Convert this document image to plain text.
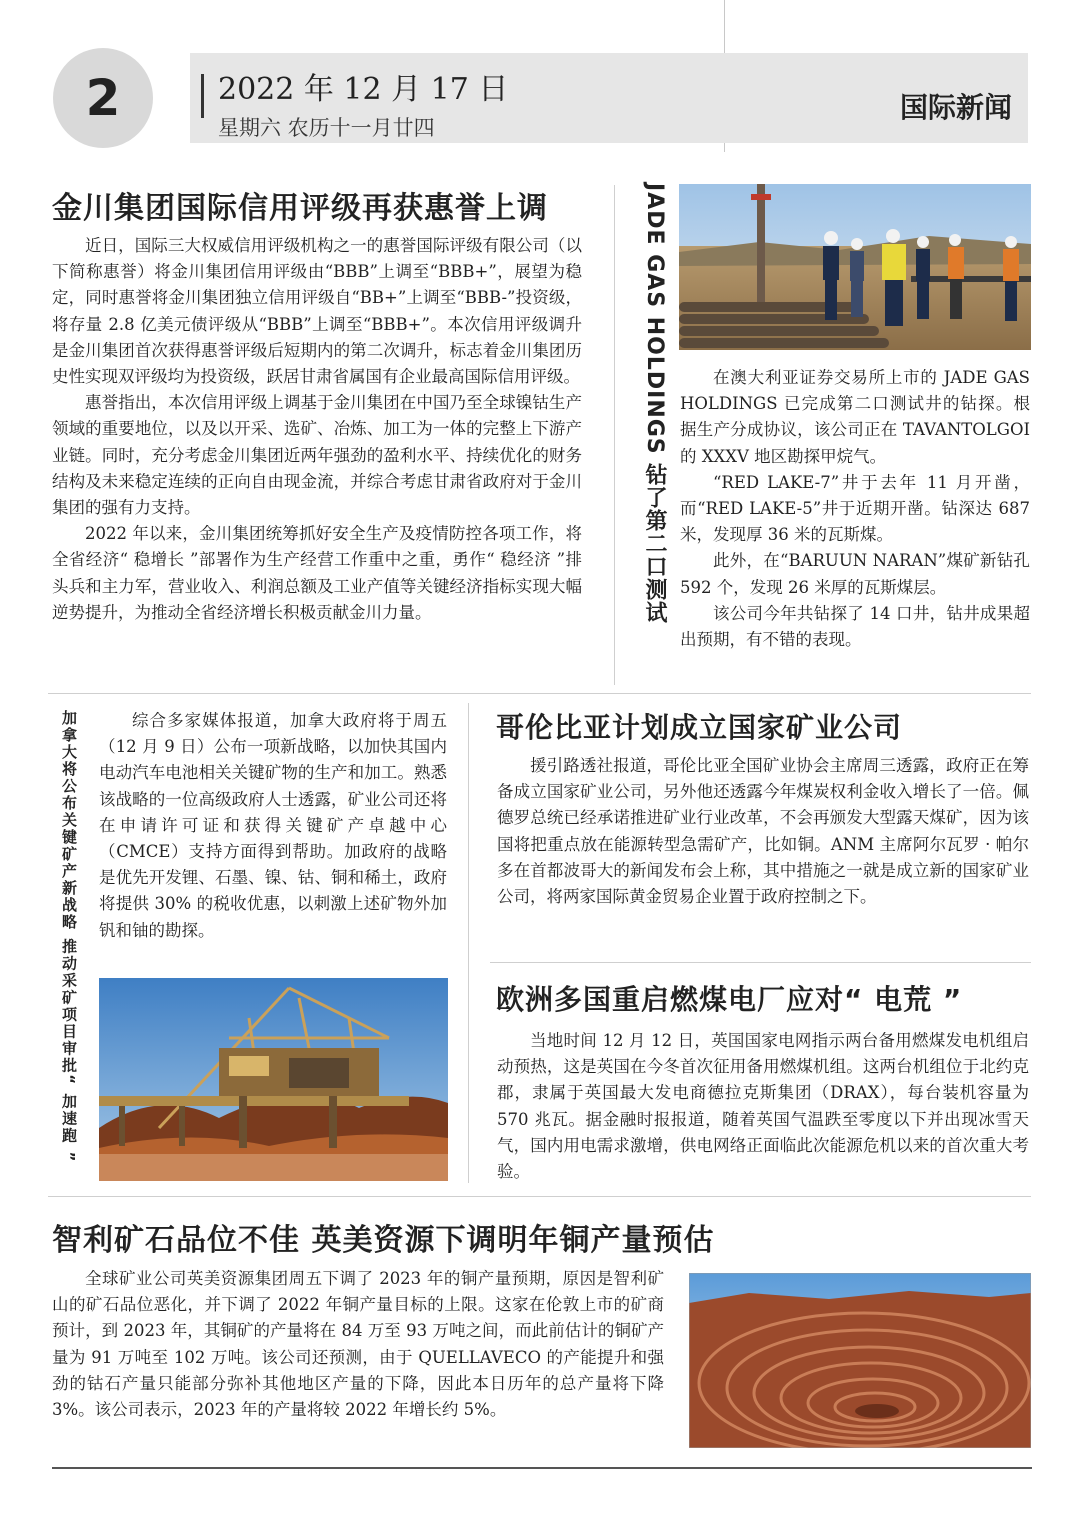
2	2022 年 12 月 17 日
星期六 农历十一月廿四
国际新闻
金川集团国际信用评级再获惠誉上调

近日，国际三大权威信用评级机构之一的惠誉国际评级有限公司（以下简称惠誉）将金川集团信用评级由“BBB”上调至“BBB+”，展望为稳定，同时惠誉将金川集团独立信用评级自“BB+”上调至“BBB-”投资级，将存量 2.8 亿美元债评级从“BBB”上调至“BBB+”。本次信用评级调升是金川集团首次获得惠誉评级后短期内的第二次调升，标志着金川集团历史性实现双评级均为投资级，跃居甘肃省属国有企业最高国际信用评级。

惠誉指出，本次信用评级上调基于金川集团在中国乃至全球镍钴生产领域的重要地位，以及以开采、选矿、冶炼、加工为一体的完整上下游产业链。同时，充分考虑金川集团近两年强劲的盈利水平、持续优化的财务结构及未来稳定连续的正向自由现金流，并综合考虑甘肃省政府对于金川集团的强有力支持。

2022 年以来，金川集团统筹抓好安全生产及疫情防控各项工作，将全省经济“ 稳增长 ”部署作为生产经营工作重中之重，勇作“ 稳经济 ”排头兵和主力军，营业收入、利润总额及工业产值等关键经济指标实现大幅逆势提升，为推动全省经济增长积极贡献金川力量。	JADE GAS HOLDINGS 钻了第二口测试	在澳大利亚证券交易所上市的 JADE GAS HOLDINGS 已完成第二口测试井的钻探。根据生产分成协议，该公司正在 TAVANTOLGOI 的 XXXV 地区勘探甲烷气。

“RED LAKE-7”井于去年 11 月开凿，而“RED LAKE-5”井于近期开凿。钻深达 687 米，发现厚 36 米的瓦斯煤。

此外，在“BARUUN NARAN”煤矿新钻孔 592 个，发现 26 米厚的瓦斯煤层。

该公司今年共钻探了 14 口井，钻井成果超出预期，有不错的表现。

加拿大将公布关键矿产新战略 推动采矿项目审批“ 加速跑 ”	综合多家媒体报道，加拿大政府将于周五（12 月 9 日）公布一项新战略，以加快其国内电动汽车电池相关关键矿物的生产和加工。熟悉该战略的一位高级政府人士透露，矿业公司还将在申请许可证和获得关键矿产卓越中心（CMCE）支持方面得到帮助。加政府的战略是优先开发锂、石墨、镍、钴、铜和稀土，政府将提供 30% 的税收优惠，以刺激上述矿物外加钒和铀的勘探。

哥伦比亚计划成立国家矿业公司

援引路透社报道，哥伦比亚全国矿业协会主席周三透露，政府正在筹备成立国家矿业公司，另外他还透露今年煤炭权利金收入增长了一倍。佩德罗总统已经承诺推进矿业行业改革，不会再颁发大型露天煤矿，因为该国将把重点放在能源转型急需矿产，比如铜。ANM 主席阿尔瓦罗 · 帕尔多在首都波哥大的新闻发布会上称，其中措施之一就是成立新的国家矿业公司，将两家国际黄金贸易企业置于政府控制之下。

欧洲多国重启燃煤电厂应对“ 电荒 ”

当地时间 12 月 12 日，英国国家电网指示两台备用燃煤发电机组启动预热，这是英国在今冬首次征用备用燃煤机组。这两台机组位于北约克郡，隶属于英国最大发电商德拉克斯集团（DRAX），每台装机容量为 570 兆瓦。据金融时报报道，随着英国气温跌至零度以下并出现冰雪天气，国内用电需求激增，供电网络正面临此次能源危机以来的首次重大考验。

智利矿石品位不佳 英美资源下调明年铜产量预估

全球矿业公司英美资源集团周五下调了 2023 年的铜产量预期，原因是智利矿山的矿石品位恶化，并下调了 2022 年铜产量目标的上限。这家在伦敦上市的矿商预计，到 2023 年，其铜矿的产量将在 84 万至 93 万吨之间，而此前估计的铜矿产量为 91 万吨至 102 万吨。该公司还预测，由于 QUELLAVECO 的产能提升和强劲的钴石产量只能部分弥补其他地区产量的下降，因此本日历年的总产量将下降 3%。该公司表示，2023 年的产量将较 2022 年增长约 5%。
